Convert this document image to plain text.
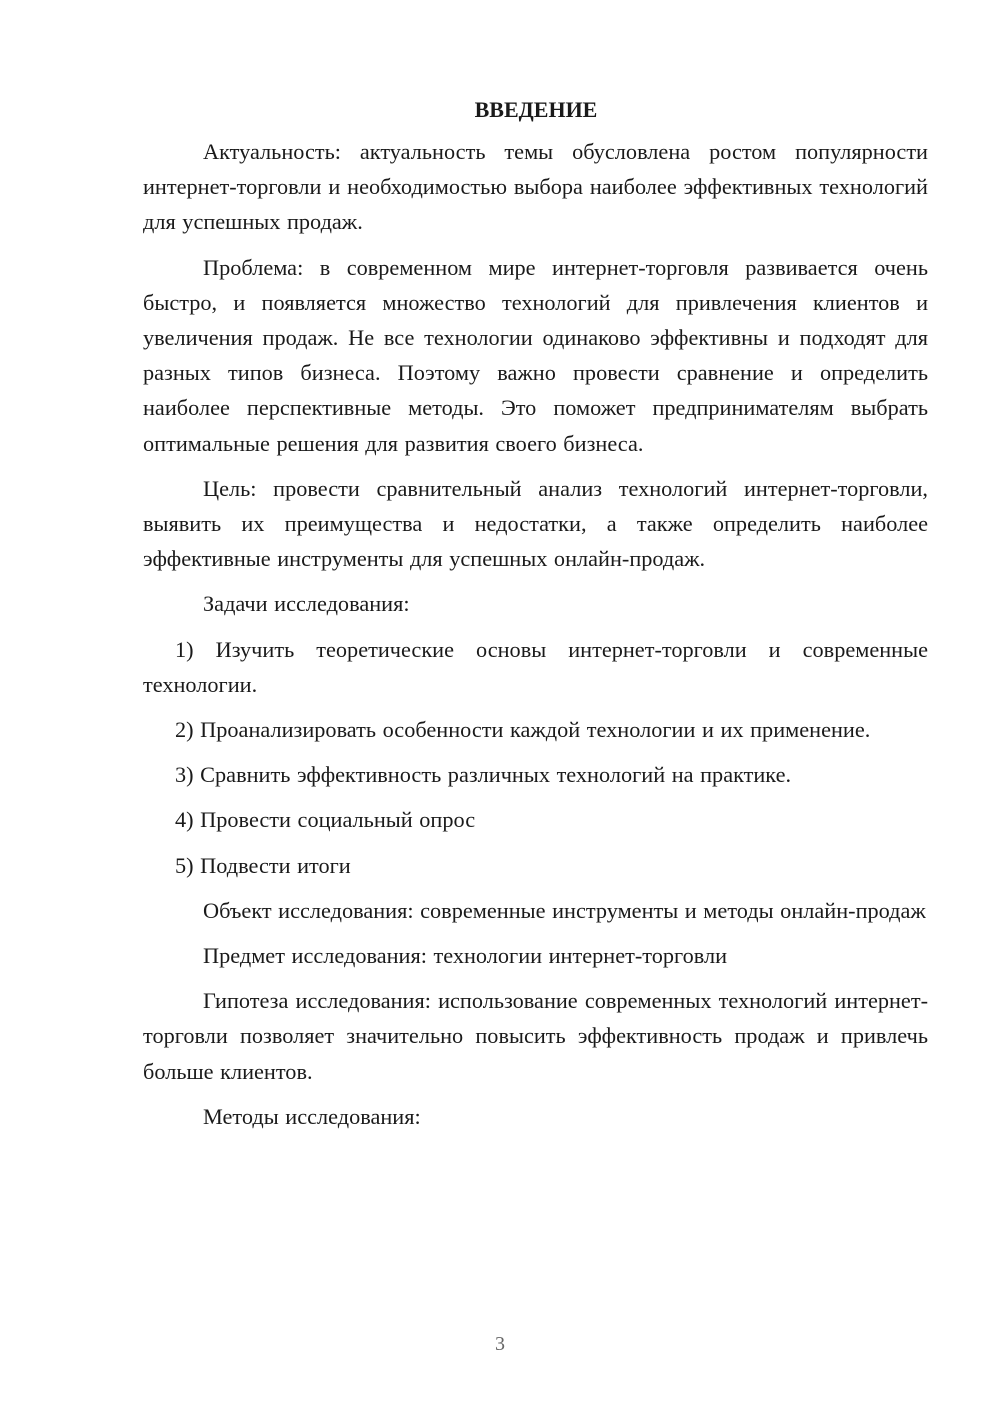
ВВЕДЕНИЕ

Актуальность: актуальность темы обусловлена ростом популярности интернет-торговли и необходимостью выбора наиболее эффективных технологий для успешных продаж.

Проблема: в современном мире интернет-торговля развивается очень быстро, и появляется множество технологий для привлечения клиентов и увеличения продаж. Не все технологии одинаково эффективны и подходят для разных типов бизнеса. Поэтому важно провести сравнение и определить наиболее перспективные методы. Это поможет предпринимателям выбрать оптимальные решения для развития своего бизнеса.

Цель: провести сравнительный анализ технологий интернет-торговли, выявить их преимущества и недостатки, а также определить наиболее эффективные инструменты для успешных онлайн-продаж.

Задачи исследования:

1) Изучить теоретические основы интернет-торговли и современные технологии.

2) Проанализировать особенности каждой технологии и их применение.

3) Сравнить эффективность различных технологий на практике.

4) Провести социальный опрос

5) Подвести итоги

Объект исследования: современные инструменты и методы онлайн-продаж

Предмет исследования: технологии интернет-торговли

Гипотеза исследования: использование современных технологий интернет-торговли позволяет значительно повысить эффективность продаж и привлечь больше клиентов.

Методы исследования:

3
